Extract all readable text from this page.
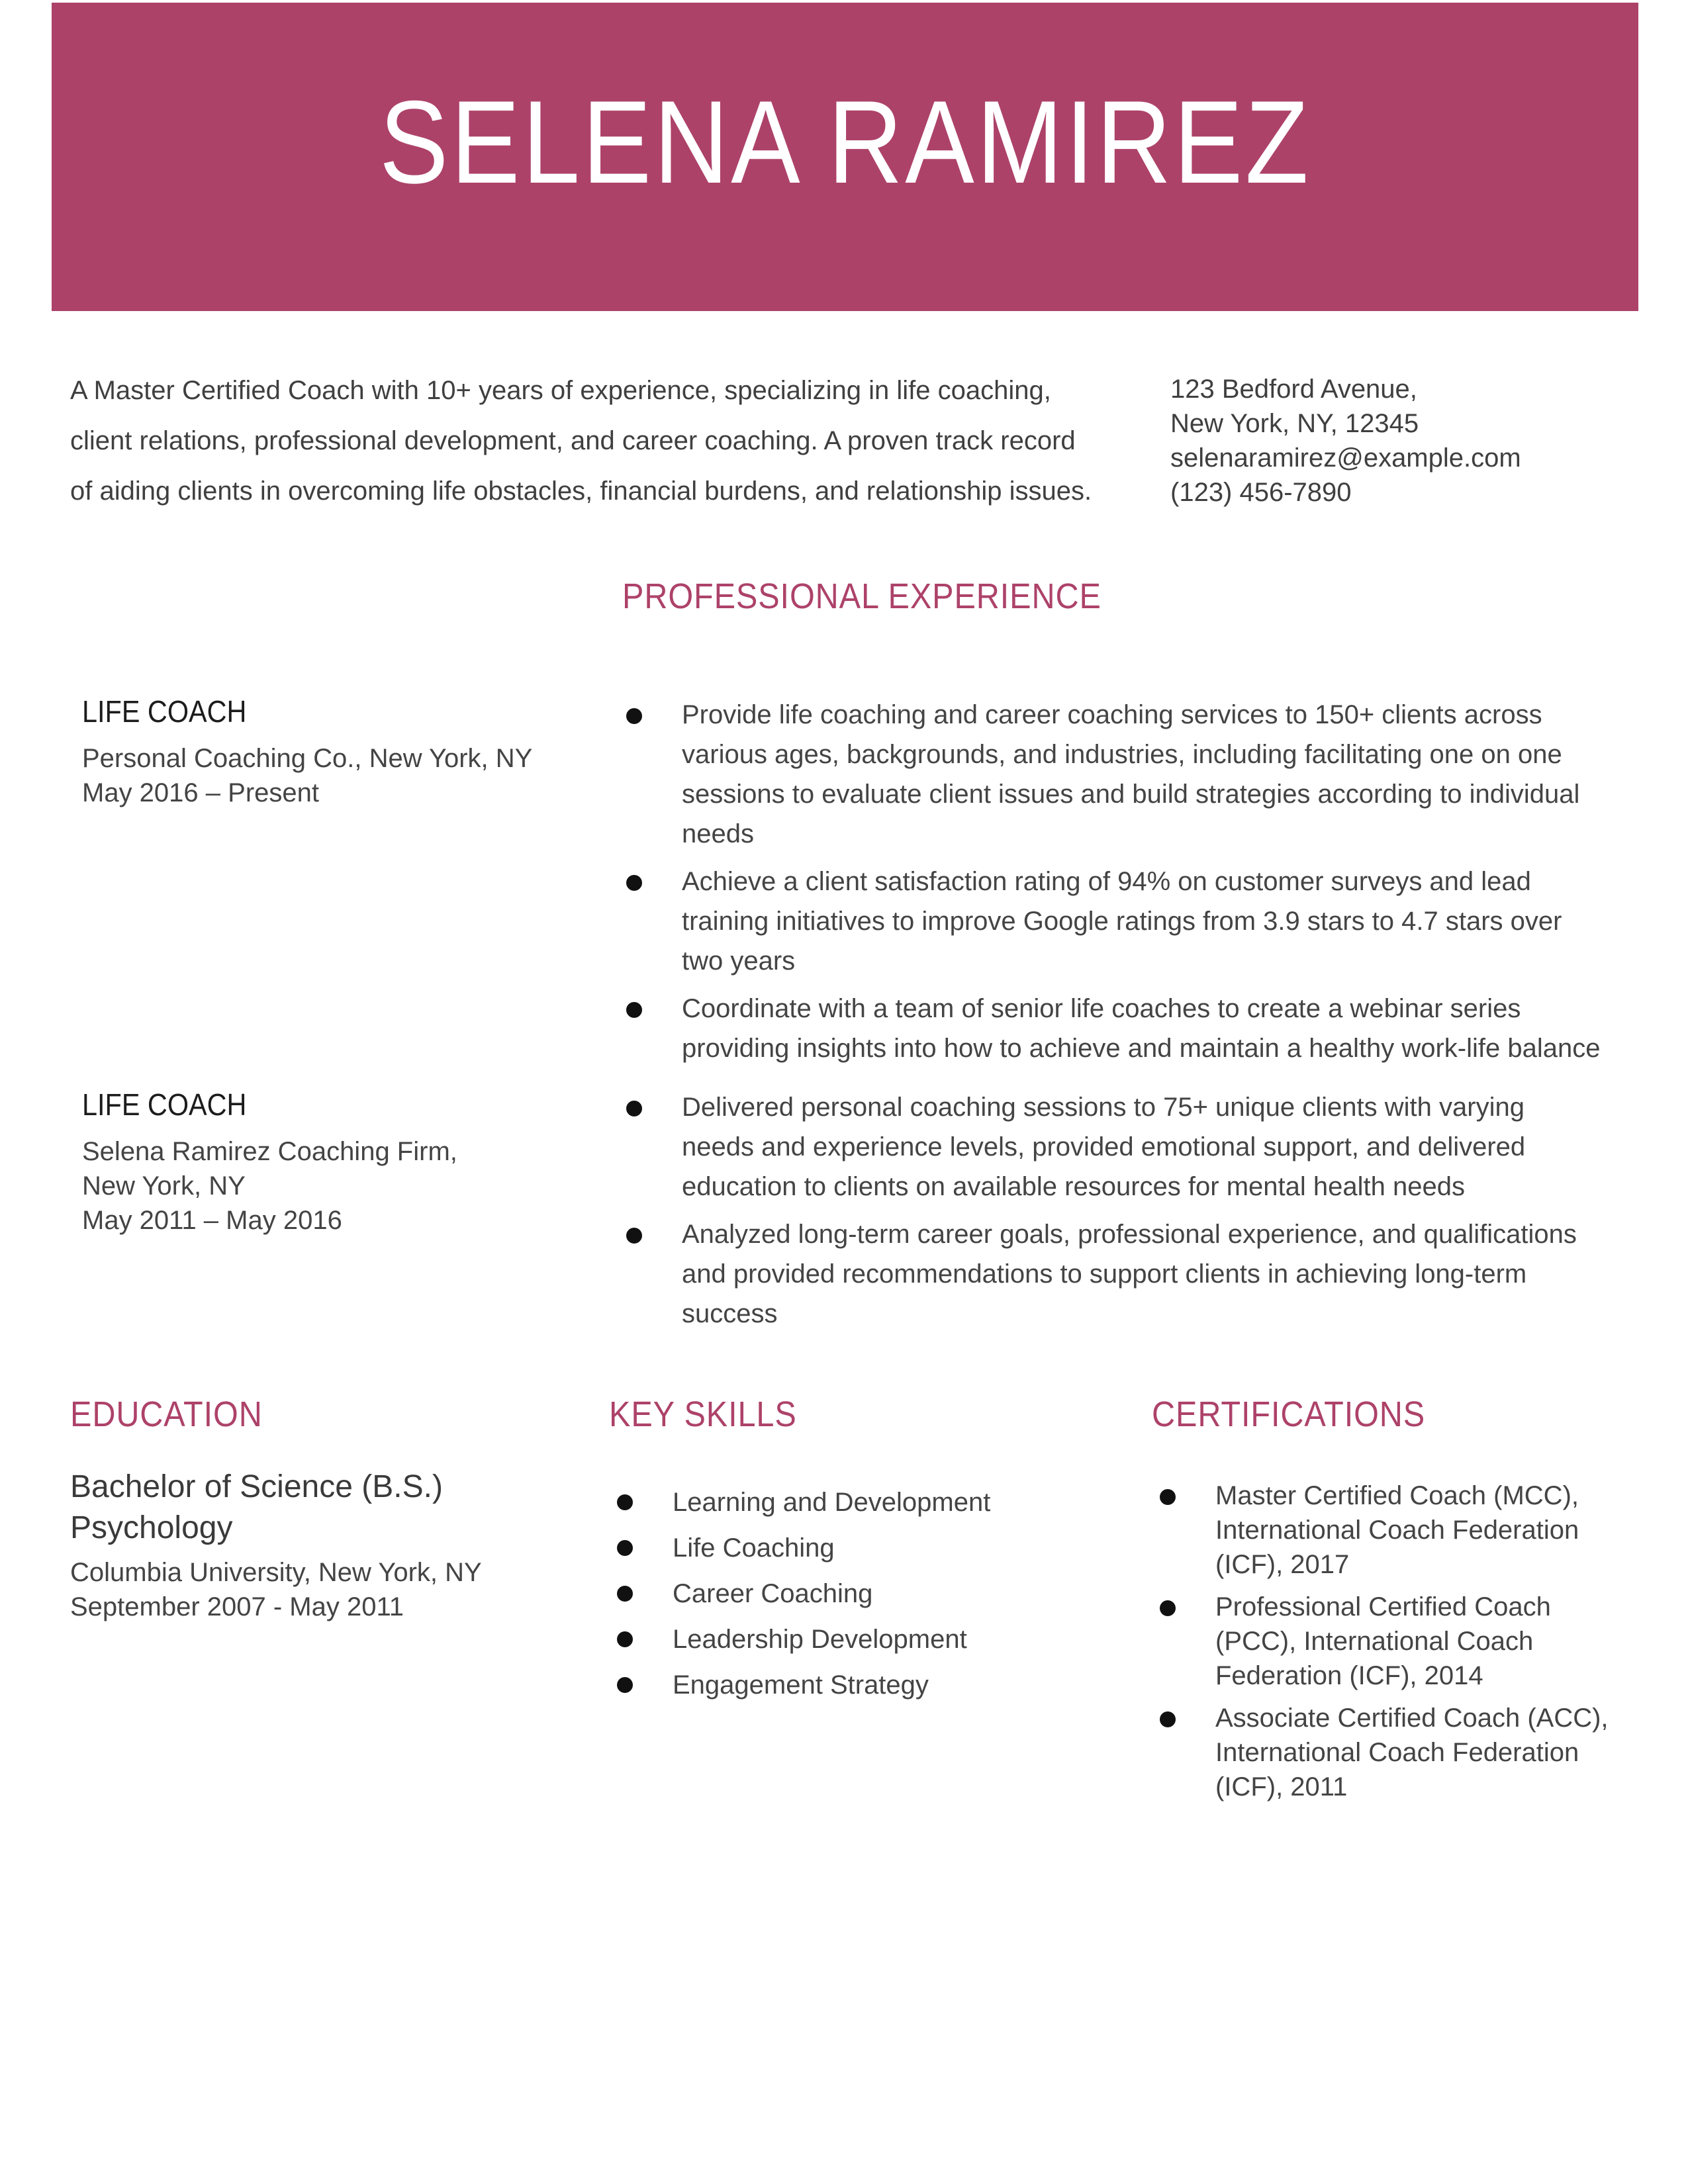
SELENA RAMIREZ
A Master Certified Coach with 10+ years of experience, specializing in life coaching, client relations, professional development, and career coaching. A proven track record of aiding clients in overcoming life obstacles, financial burdens, and relationship issues.
123 Bedford Avenue,
New York, NY, 12345
selenaramirez@example.com
(123) 456-7890
PROFESSIONAL EXPERIENCE
LIFE COACH
Personal Coaching Co., New York, NY
May 2016 – Present
Provide life coaching and career coaching services to 150+ clients across various ages, backgrounds, and industries, including facilitating one on one sessions to evaluate client issues and build strategies according to individual needs
Achieve a client satisfaction rating of 94% on customer surveys and lead training initiatives to improve Google ratings from 3.9 stars to 4.7 stars over two years
Coordinate with a team of senior life coaches to create a webinar series providing insights into how to achieve and maintain a healthy work-life balance
LIFE COACH
Selena Ramirez Coaching Firm,
New York, NY
May 2011 – May 2016
Delivered personal coaching sessions to 75+ unique clients with varying needs and experience levels, provided emotional support, and delivered education to clients on available resources for mental health needs
Analyzed long-term career goals, professional experience, and qualifications and provided recommendations to support clients in achieving long-term success
EDUCATION	KEY SKILLS	CERTIFICATIONS
Bachelor of Science (B.S.)
Psychology
Columbia University, New York, NY
September 2007 - May 2011
Learning and Development
Life Coaching
Career Coaching
Leadership Development
Engagement Strategy
Master Certified Coach (MCC), International Coach Federation (ICF), 2017
Professional Certified Coach (PCC), International Coach Federation (ICF), 2014
Associate Certified Coach (ACC), International Coach Federation (ICF), 2011
